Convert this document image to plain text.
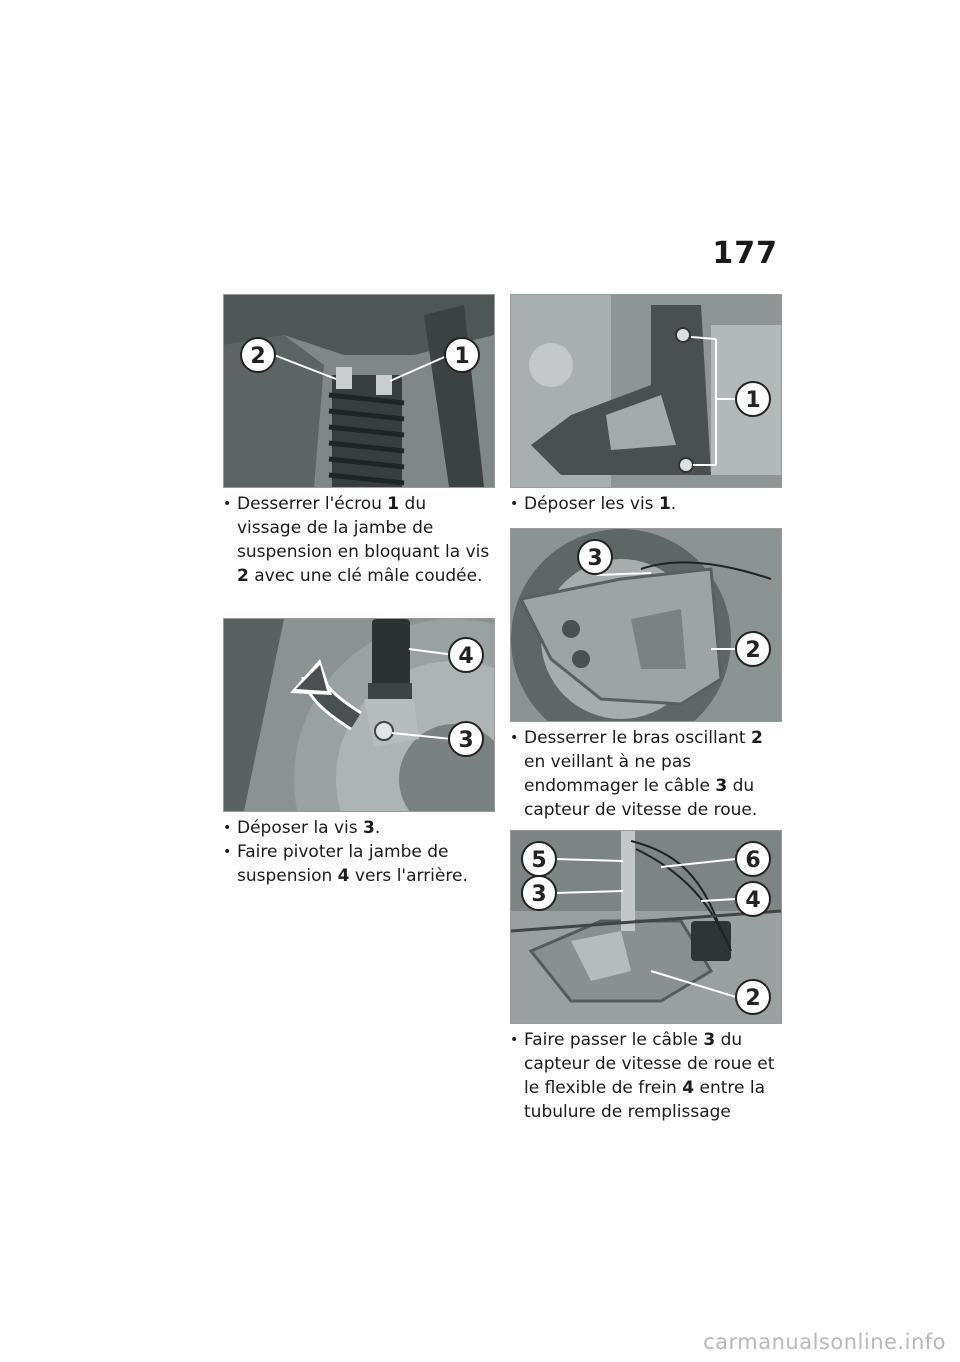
177
2	1

• Desserrer l'écrou 1 du vissage de la jambe de suspension en bloquant la vis 2 avec une clé mâle coudée.

4
3

• Déposer la vis 3.

• Faire pivoter la jambe de suspension 4 vers l'arrière.

1

• Déposer les vis 1.

3
2

• Desserrer le bras oscillant 2 en veillant à ne pas endommager le câble 3 du capteur de vitesse de roue.

5	6
3	4
2

• Faire passer le câble 3 du capteur de vitesse de roue et le flexible de frein 4 entre la tubulure de remplissage

carmanualsonline.info
